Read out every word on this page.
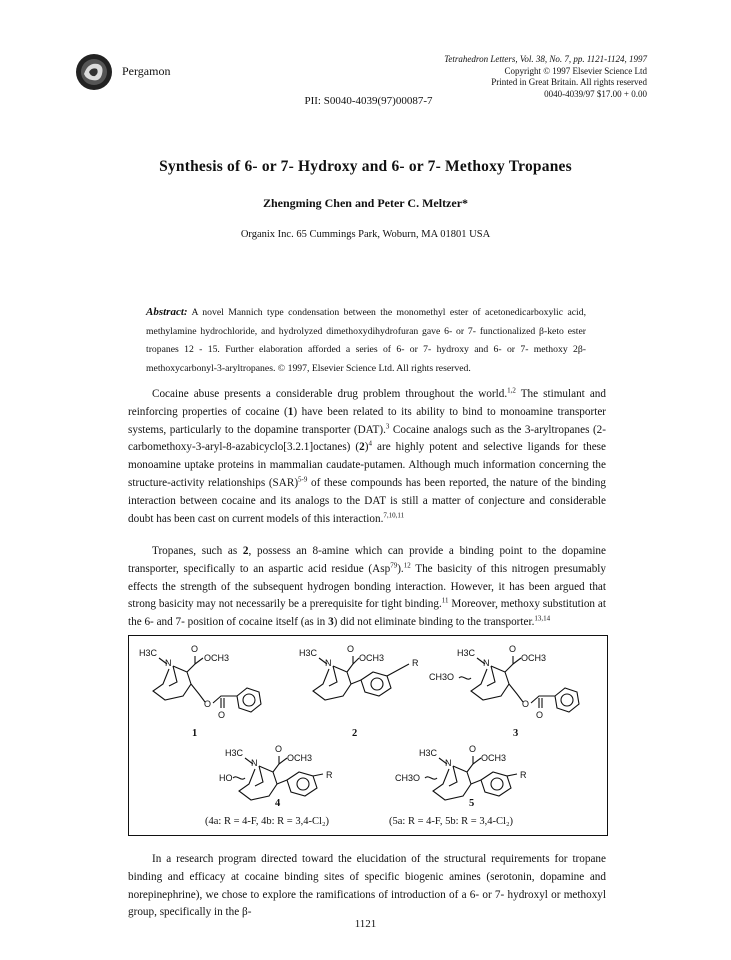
Pergamon
Tetrahedron Letters, Vol. 38, No. 7, pp. 1121-1124, 1997
Copyright © 1997 Elsevier Science Ltd
Printed in Great Britain. All rights reserved
0040-4039/97 $17.00 + 0.00
PII: S0040-4039(97)00087-7
Synthesis of 6- or 7- Hydroxy and 6- or 7- Methoxy Tropanes
Zhengming Chen and Peter C. Meltzer*
Organix Inc. 65 Cummings Park, Woburn, MA 01801 USA
Abstract: A novel Mannich type condensation between the monomethyl ester of acetonedicarboxylic acid, methylamine hydrochloride, and hydrolyzed dimethoxydihydrofuran gave 6- or 7- functionalized β-keto ester tropanes 12 - 15. Further elaboration afforded a series of 6- or 7- hydroxy and 6- or 7- methoxy 2β-methoxycarbonyl-3-aryltropanes. © 1997, Elsevier Science Ltd. All rights reserved.
Cocaine abuse presents a considerable drug problem throughout the world.$^{1,2}$ The stimulant and reinforcing properties of cocaine (1) have been related to its ability to bind to monoamine transporter systems, particularly to the dopamine transporter (DAT).$^3$ Cocaine analogs such as the 3-aryltropanes (2-carbomethoxy-3-aryl-8-azabicyclo[3.2.1]octanes) $(2)^4$ are highly potent and selective ligands for these monoamine uptake proteins in mammalian caudate-putamen. Although much information concerning the structure-activity relationships (SAR)$^{5-9}$ of these compounds has been reported, the nature of the binding interaction between cocaine and its analogs to the DAT is still a matter of conjecture and considerable doubt has been cast on current models of this interaction.$^{7,10,11}$
Tropanes, such as 2, possess an 8-amine which can provide a binding point to the dopamine transporter, specifically to an aspartic acid residue (Asp$^{79}$).$^{12}$ The basicity of this nitrogen presumably effects the strength of the subsequent hydrogen bonding interaction. However, it has been argued that strong basicity may not necessarily be a prerequisite for tight binding.$^{11}$ Moreover, methoxy substitution at the 6- and 7- position of cocaine itself (as in 3) did not eliminate binding to the transporter.$^{13,14}$
H3C
N
O
OCH3
O
O
1
H3C
N
O
OCH3	R
2
H3C
N
O
OCH3
CH3O
O
O
3
H3C
N
O
OCH3
HO	R
4
(4a: R = 4-F, 4b: R = 3,4-Cl₂)
H3C
N
O
OCH3
CH3O	R
5
(5a: R = 4-F, 5b: R = 3,4-Cl₂)
In a research program directed toward the elucidation of the structural requirements for tropane binding and efficacy at cocaine binding sites of specific biogenic amines (serotonin, dopamine and norepinephrine), we chose to explore the ramifications of introduction of a 6- or 7- hydroxyl or methoxyl group, specifically in the β-
1121
